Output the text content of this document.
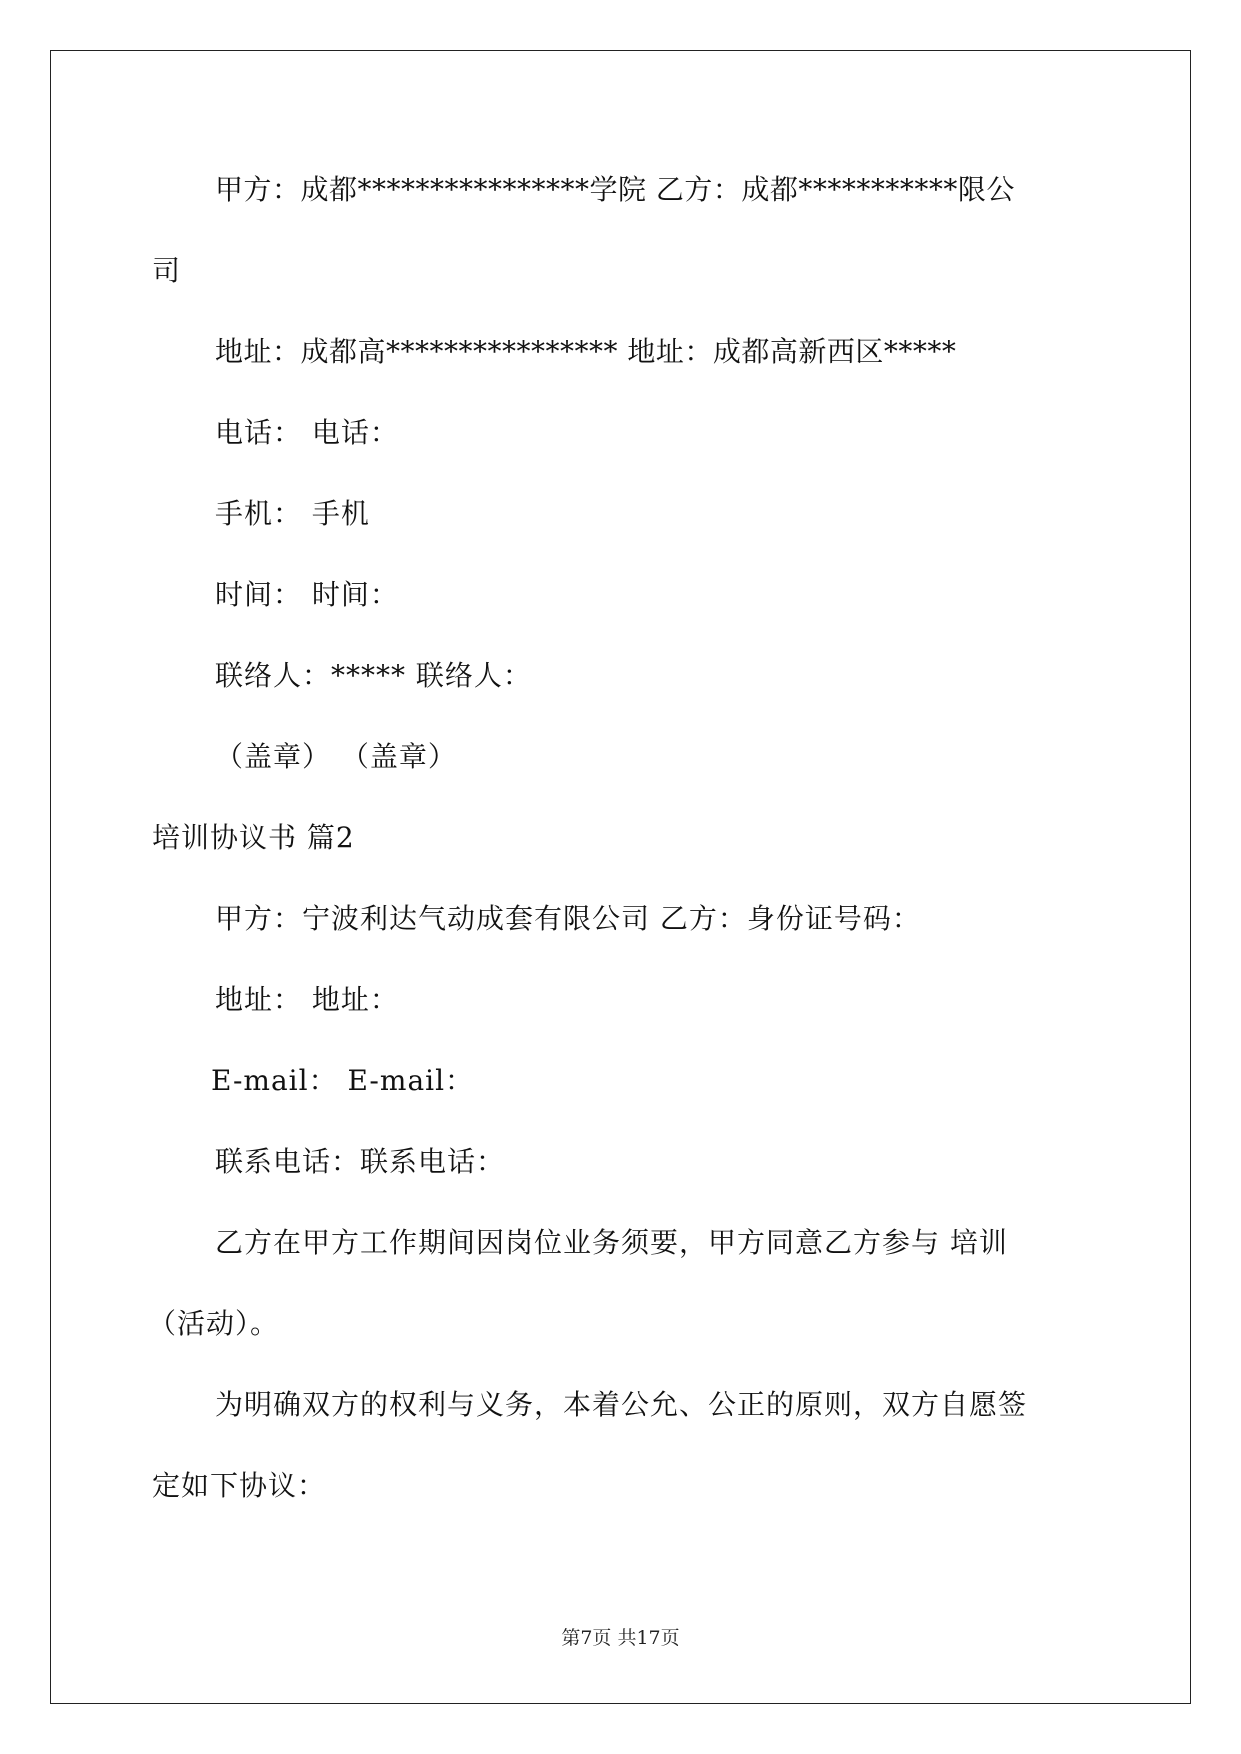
甲方：成都****************学院 乙方：成都***********限公
司
地址：成都高**************** 地址：成都高新西区*****
电话： 电话：
手机： 手机
时间： 时间：
联络人：***** 联络人：
（盖章） （盖章）
培训协议书 篇2
甲方：宁波利达气动成套有限公司 乙方：身份证号码：
地址： 地址：
E-mail： E-mail：
联系电话：联系电话：
乙方在甲方工作期间因岗位业务须要，甲方同意乙方参与 培训
（活动）。
为明确双方的权利与义务，本着公允、公正的原则，双方自愿签
定如下协议：
第7页 共17页
